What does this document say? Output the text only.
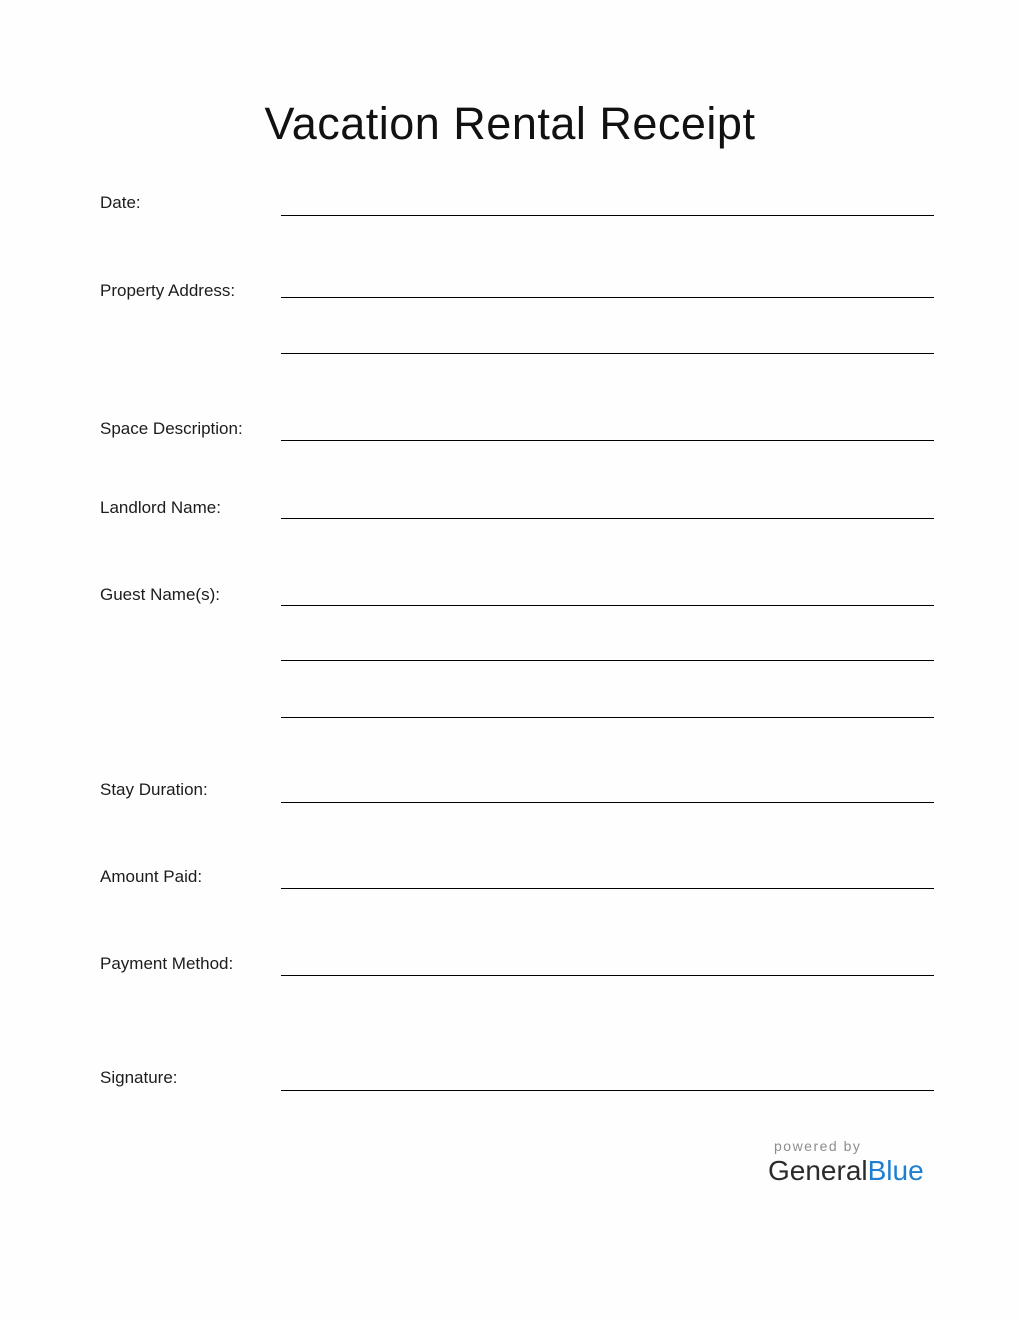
Vacation Rental Receipt
Date:
Property Address:
Space Description:
Landlord Name:
Guest Name(s):
Stay Duration:
Amount Paid:
Payment Method:
Signature:
powered by
GeneralBlue
